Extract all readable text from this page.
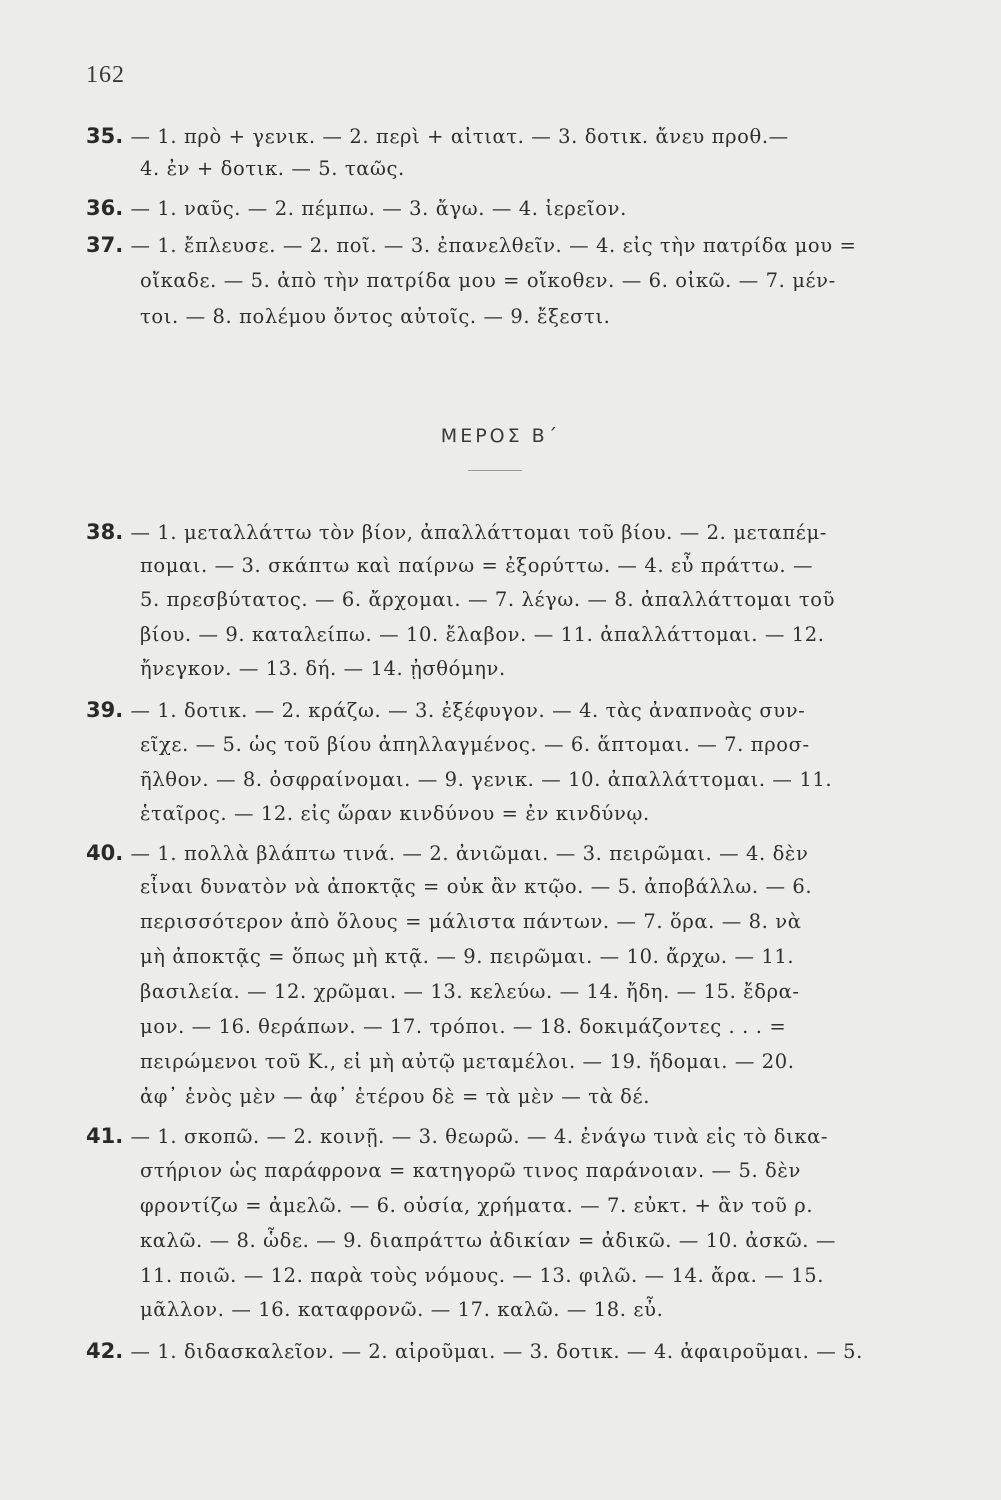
162
35. — 1. πρὸ + γενικ. — 2. περὶ + αἰτιατ. — 3. δοτικ. ἄνευ προθ.—
4. ἐν + δοτικ. — 5. ταῶς.
36. — 1. ναῦς. — 2. πέμπω. — 3. ἄγω. — 4. ἱερεῖον.
37. — 1. ἔπλευσε. — 2. ποῖ. — 3. ἐπανελθεῖν. — 4. εἰς τὴν πατρίδα μου =
οἴκαδε. — 5. ἀπὸ τὴν πατρίδα μου = οἴκοθεν. — 6. οἰκῶ. — 7. μέν-
τοι. — 8. πολέμου ὄντος αὐτοῖς. — 9. ἔξεστι.
ΜΕΡΟΣ Β΄
38. — 1. μεταλλάττω τὸν βίον, ἀπαλλάττομαι τοῦ βίου. — 2. μεταπέμ-
πομαι. — 3. σκάπτω καὶ παίρνω = ἐξορύττω. — 4. εὖ πράττω. —
5. πρεσβύτατος. — 6. ἄρχομαι. — 7. λέγω. — 8. ἀπαλλάττομαι τοῦ
βίου. — 9. καταλείπω. — 10. ἔλαβον. — 11. ἀπαλλάττομαι. — 12.
ἤνεγκον. — 13. δή. — 14. ᾐσθόμην.
39. — 1. δοτικ. — 2. κράζω. — 3. ἐξέφυγον. — 4. τὰς ἀναπνοὰς συν-
εῖχε. — 5. ὡς τοῦ βίου ἀπηλλαγμένος. — 6. ἅπτομαι. — 7. προσ-
ῆλθον. — 8. ὀσφραίνομαι. — 9. γενικ. — 10. ἀπαλλάττομαι. — 11.
ἑταῖρος. — 12. εἰς ὥραν κινδύνου = ἐν κινδύνῳ.
40. — 1. πολλὰ βλάπτω τινά. — 2. ἀνιῶμαι. — 3. πειρῶμαι. — 4. δὲν
εἶναι δυνατὸν νὰ ἀποκτᾷς = οὐκ ἂν κτῷο. — 5. ἀποβάλλω. — 6.
περισσότερον ἀπὸ ὅλους = μάλιστα πάντων. — 7. ὅρα. — 8. νὰ
μὴ ἀποκτᾷς = ὅπως μὴ κτᾷ. — 9. πειρῶμαι. — 10. ἄρχω. — 11.
βασιλεία. — 12. χρῶμαι. — 13. κελεύω. — 14. ἤδη. — 15. ἔδρα-
μον. — 16. θεράπων. — 17. τρόποι. — 18. δοκιμάζοντες . . . =
πειρώμενοι τοῦ Κ., εἰ μὴ αὐτῷ μεταμέλοι. — 19. ἥδομαι. — 20.
ἀφ᾽ ἑνὸς μὲν — ἀφ᾽ ἑτέρου δὲ = τὰ μὲν — τὰ δέ.
41. — 1. σκοπῶ. — 2. κοινῇ. — 3. θεωρῶ. — 4. ἐνάγω τινὰ εἰς τὸ δικα-
στήριον ὡς παράφρονα = κατηγορῶ τινος παράνοιαν. — 5. δὲν
φροντίζω = ἀμελῶ. — 6. οὐσία, χρήματα. — 7. εὐκτ. + ἂν τοῦ ρ.
καλῶ. — 8. ὧδε. — 9. διαπράττω ἀδικίαν = ἀδικῶ. — 10. ἀσκῶ. —
11. ποιῶ. — 12. παρὰ τοὺς νόμους. — 13. φιλῶ. — 14. ἄρα. — 15.
μᾶλλον. — 16. καταφρονῶ. — 17. καλῶ. — 18. εὖ.
42. — 1. διδασκαλεῖον. — 2. αἱροῦμαι. — 3. δοτικ. — 4. ἀφαιροῦμαι. — 5.
